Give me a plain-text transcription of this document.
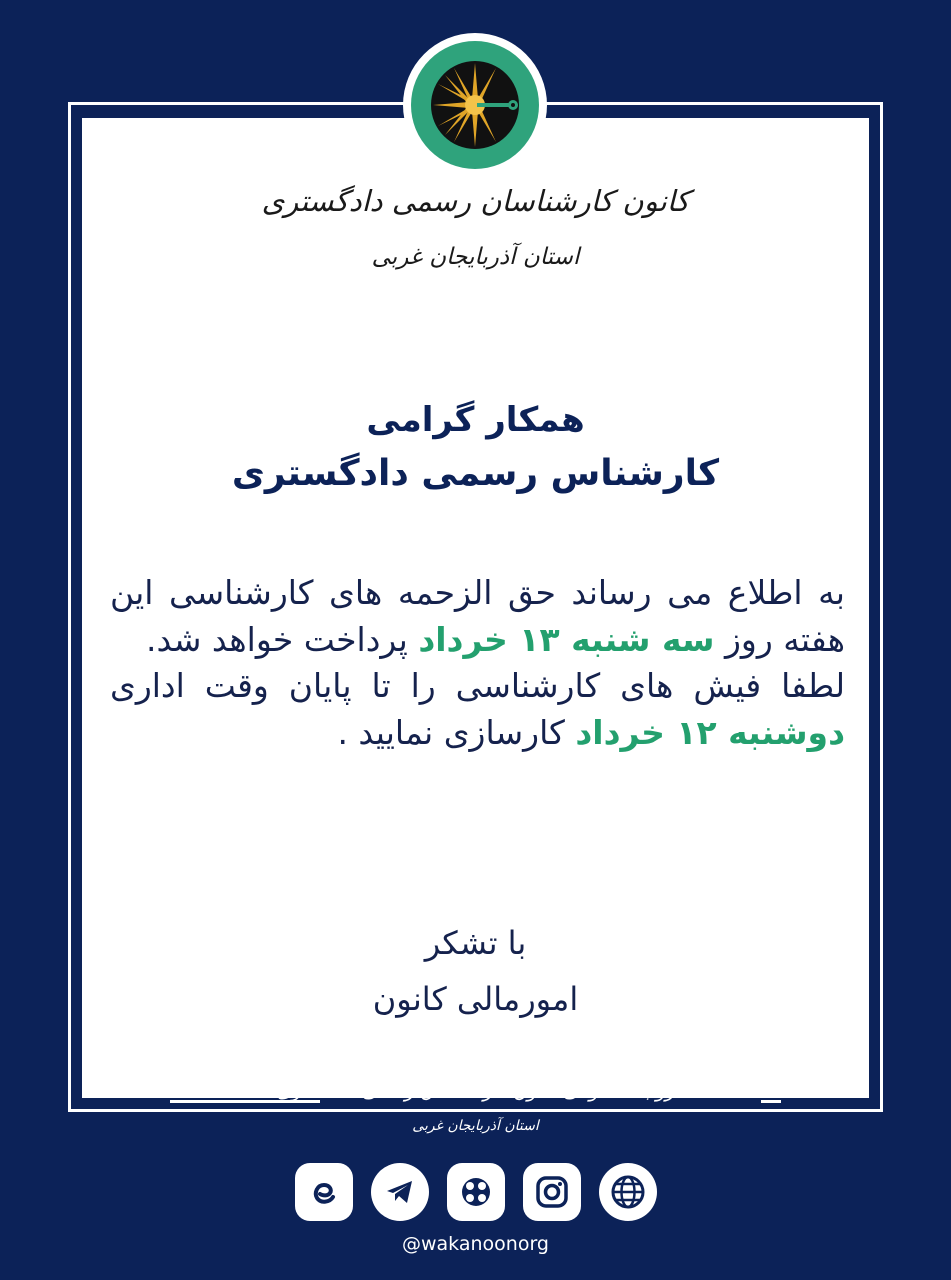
کانون کارشناسان رسمی دادگستری
استان آذربایجان غربی
همکار گرامی
کارشناس رسمی دادگستری

به اطلاع می رساند حق الزحمه های کارشناسی این هفته روز سه شنبه ۱۳ خرداد پرداخت خواهد شد.

لطفا فیش های کارشناسی را تا پایان وقت اداری دوشنبه ۱۲ خرداد کارسازی نمایید .

با تشکر
امورمالی کانون
روابط عمومی کانون کارشناسان رسمی دادگستری
استان آذربایجان غربی
@wakanoonorg
